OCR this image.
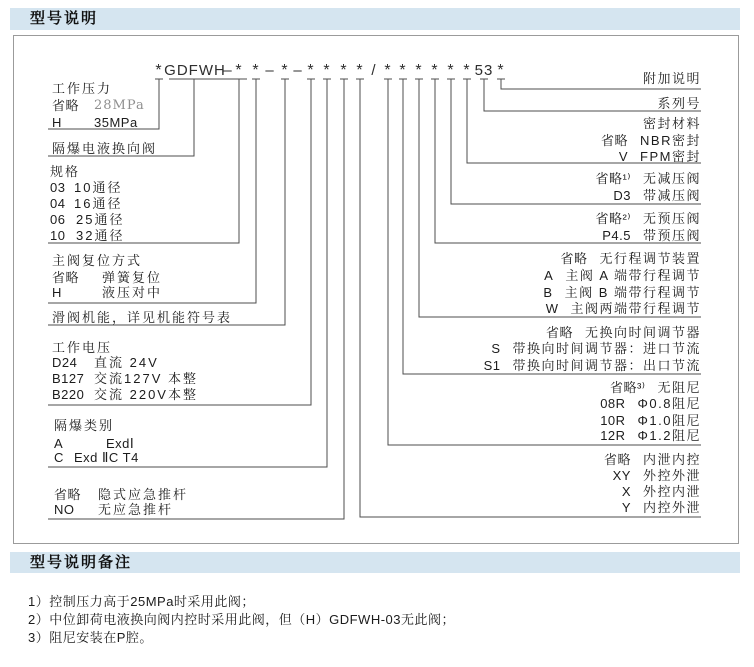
型号说明
* GDFWH
– * * – * – * * * * / * * * * * * 53 *
工作压力
省略 28MPa
H 35MPa
隔爆电液换向阀
规格
03 10通径
04 16通径
06 25通径
10 32通径
主阀复位方式
省略 弹簧复位
H	液压对中
滑阀机能，详见机能符号表
工作电压
D24 直流 24V
B127 交流127V 本整
B220 交流 220V本整
隔爆类别
A	ExdⅠ
C Exd ⅡC T4
省略 隐式应急推杆
NO 无应急推杆
附加说明
系列号
密封材料
省略 NBR密封
V FPM密封
省略¹⁾ 无减压阀
D3 带减压阀
省略²⁾ 无预压阀
P4.5 带预压阀
省略 无行程调节装置
A 主阀 A 端带行程调节
B 主阀 B 端带行程调节
W 主阀两端带行程调节
省略 无换向时间调节器
S 带换向时间调节器：进口节流
S1 带换向时间调节器：出口节流
省略³⁾ 无阻尼
08R Φ0.8阻尼
10R Φ1.0阻尼
12R Φ1.2阻尼
省略 内泄内控
XY 外控外泄
X 外控内泄
Y 内控外泄
型号说明备注
1）控制压力高于25MPa时采用此阀；
2）中位卸荷电液换向阀内控时采用此阀，但（H）GDFWH-03无此阀；
3）阻尼安装在P腔。
